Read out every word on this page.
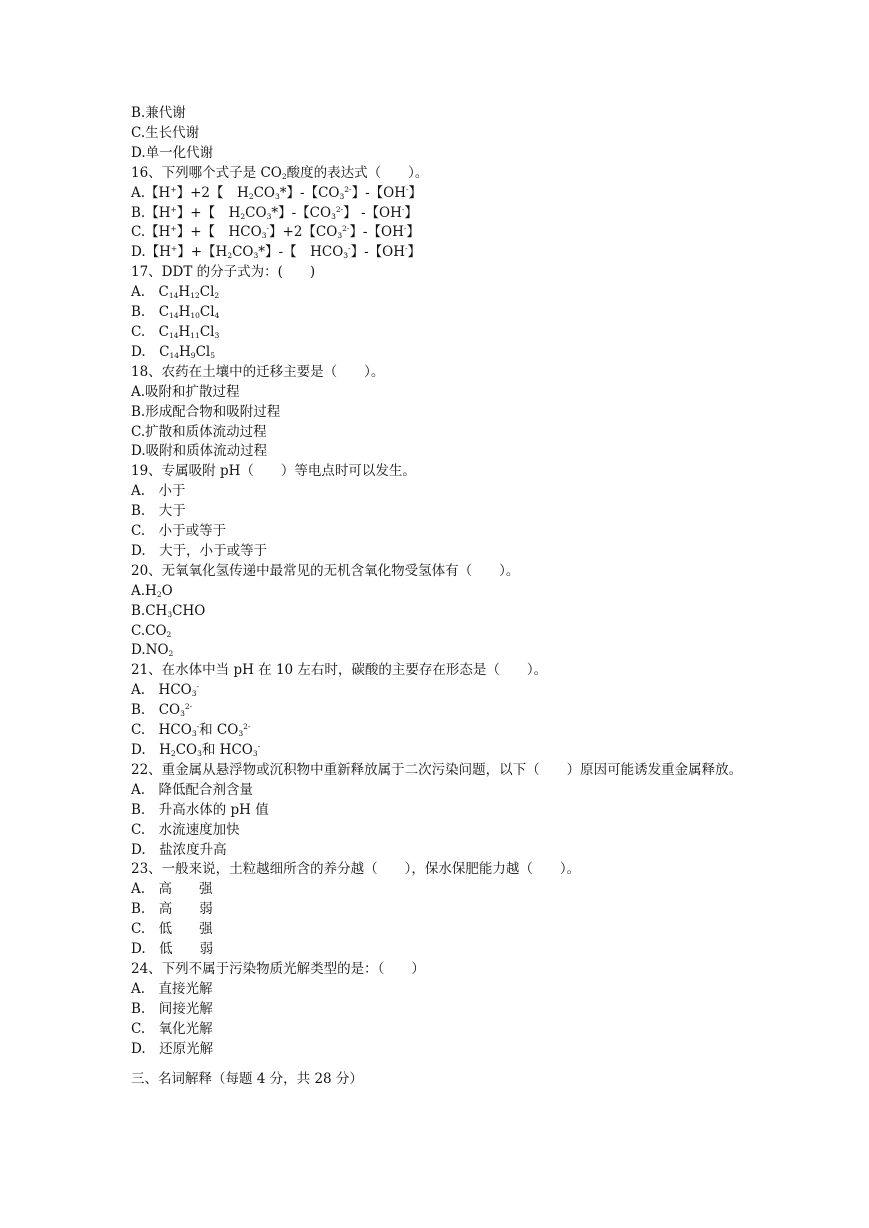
B.兼代谢
C.生长代谢
D.单一化代谢
16、下列哪个式子是 $CO_2$酸度的表达式（　　）。
A.【H+】+2【　$H_2CO_3*$】-【$CO_3^{2-}$】-【OH-】
B.【H+】+【　$H_2CO_3*$】-【$CO_3^{2-}$】 -【OH-】
C.【H+】+【　$HCO_3^-$】+2【$CO_3^{2-}$】-【OH-】
D.【H+】+【$H_2CO_3*$】-【　$HCO_3^-$】-【OH-】
17、DDT 的分子式为：(　　)
A.　$C_{14}H_{12}Cl_2$
B.　$C_{14}H_{10}Cl_4$
C.　$C_{14}H_{11}Cl_3$
D.　$C_{14}H_9Cl_5$
18、农药在土壤中的迁移主要是（　　）。
A.吸附和扩散过程
B.形成配合物和吸附过程
C.扩散和质体流动过程
D.吸附和质体流动过程
19、专属吸附 pH（　　）等电点时可以发生。
A.　小于
B.　大于
C.　小于或等于
D.　大于，小于或等于
20、无氧氧化氢传递中最常见的无机含氧化物受氢体有（　　）。
$A.H_2O$
$B.CH_3CHO$
$C.CO_2$
$D.NO_2$
21、在水体中当 pH 在 10 左右时，碳酸的主要存在形态是（　　）。
A.　$HCO_3^-$
B.　$CO_3^{2-}$
C.　$HCO_3^-$和 $CO_3^{2-}$
D.　$H_2CO_3$和 $HCO_3^-$
22、重金属从悬浮物或沉积物中重新释放属于二次污染问题，以下（　　）原因可能诱发重金属释放。
A.　降低配合剂含量
B.　升高水体的 pH 值
C.　水流速度加快
D.　盐浓度升高
23、一般来说，土粒越细所含的养分越（　　），保水保肥能力越（　　）。
A.　高　　强
B.　高　　弱
C.　低　　强
D.　低　　弱
24、下列不属于污染物质光解类型的是：（　　）
A.　直接光解
B.　间接光解
C.　氧化光解
D.　还原光解
三、名词解释（每题 4 分，共 28 分）
